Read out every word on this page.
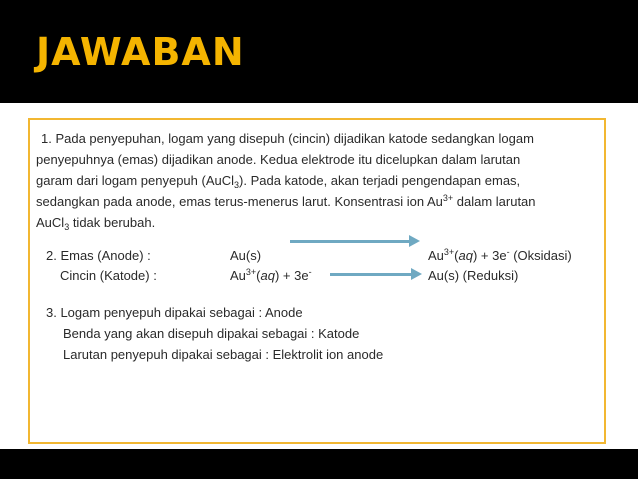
JAWABAN
1. Pada penyepuhan, logam yang disepuh (cincin) dijadikan katode sedangkan logam
penyepuhnya (emas) dijadikan anode. Kedua elektrode itu dicelupkan dalam larutan
garam dari logam penyepuh (AuCl$_3$). Pada katode, akan terjadi pengendapan emas,
sedangkan pada anode, emas terus-menerus larut. Konsentrasi ion $Au^{3+}$ dalam larutan
AuCl$_3$ tidak berubah.
2. Emas (Anode) :	Au(s)	$Au^{3+}(aq) + 3e^-$ (Oksidasi)
Cincin (Katode) :	$Au^{3+}(aq) + 3e^-$	Au(s) (Reduksi)
3. Logam penyepuh dipakai sebagai : Anode
Benda yang akan disepuh dipakai sebagai : Katode
Larutan penyepuh dipakai sebagai : Elektrolit ion anode
